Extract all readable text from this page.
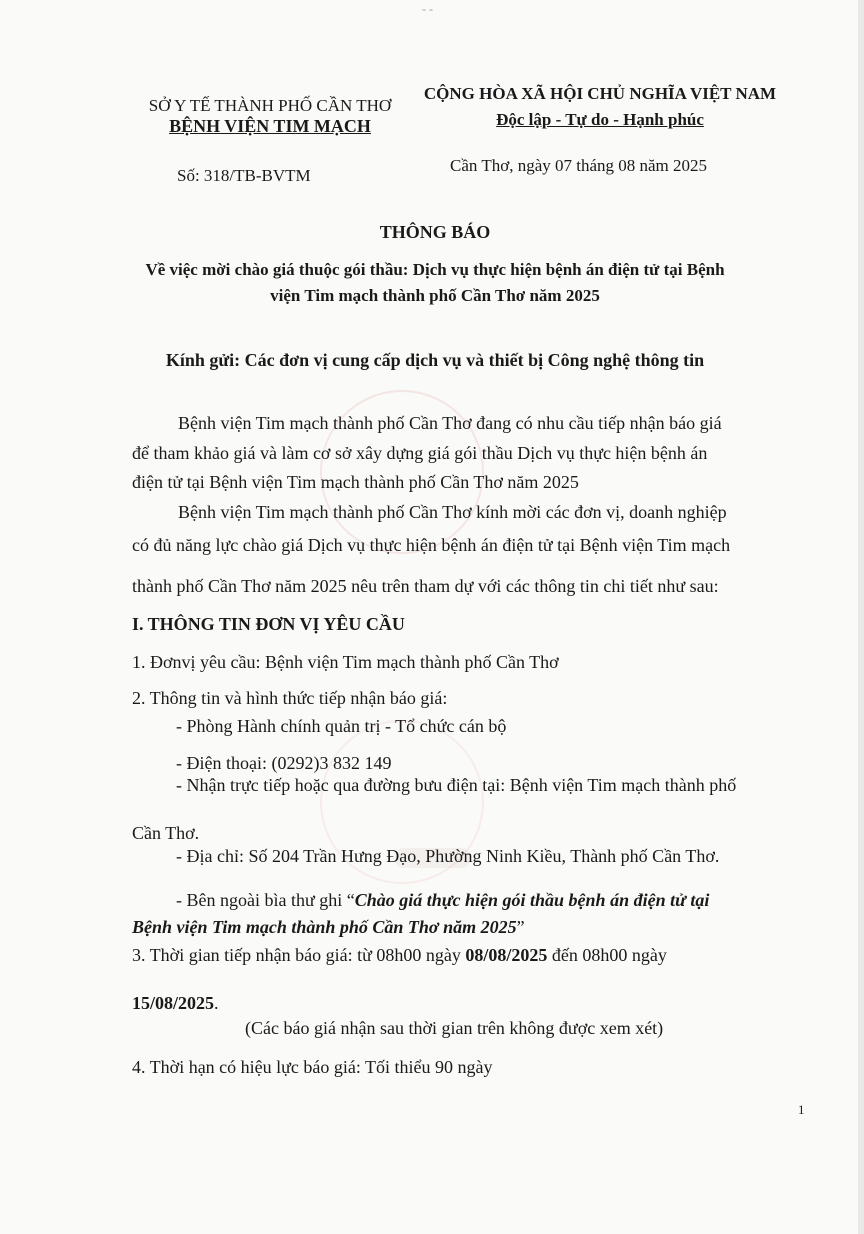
- -
SỞ Y TẾ THÀNH PHỐ CẦN THƠ
BỆNH VIỆN TIM MẠCH
CỘNG HÒA XÃ HỘI CHỦ NGHĨA VIỆT NAM
Độc lập - Tự do - Hạnh phúc
Số: 318/TB-BVTM
Cần Thơ, ngày 07 tháng 08 năm 2025
THÔNG BÁO
Về việc mời chào giá thuộc gói thầu: Dịch vụ thực hiện bệnh án điện tử tại Bệnh
viện Tim mạch thành phố Cần Thơ năm 2025
Kính gửi: Các đơn vị cung cấp dịch vụ và thiết bị Công nghệ thông tin
Bệnh viện Tim mạch thành phố Cần Thơ đang có nhu cầu tiếp nhận báo giá
để tham khảo giá và làm cơ sở xây dựng giá gói thầu Dịch vụ thực hiện bệnh án
điện tử tại Bệnh viện Tim mạch thành phố Cần Thơ năm 2025
Bệnh viện Tim mạch thành phố Cần Thơ kính mời các đơn vị, doanh nghiệp
có đủ năng lực chào giá Dịch vụ thực hiện bệnh án điện tử tại Bệnh viện Tim mạch
thành phố Cần Thơ năm 2025 nêu trên tham dự với các thông tin chi tiết như sau:
I. THÔNG TIN ĐƠN VỊ YÊU CẦU
1. Đơnvị yêu cầu: Bệnh viện Tim mạch thành phố Cần Thơ
2. Thông tin và hình thức tiếp nhận báo giá:
- Phòng Hành chính quản trị - Tổ chức cán bộ
- Điện thoại: (0292)3 832 149
- Nhận trực tiếp hoặc qua đường bưu điện tại: Bệnh viện Tim mạch thành phố
Cần Thơ.
- Địa chỉ: Số 204 Trần Hưng Đạo, Phường Ninh Kiều, Thành phố Cần Thơ.
- Bên ngoài bìa thư ghi “Chào giá thực hiện gói thầu bệnh án điện tử tại
Bệnh viện Tim mạch thành phố Cần Thơ năm 2025”
3. Thời gian tiếp nhận báo giá: từ 08h00 ngày 08/08/2025 đến 08h00 ngày
15/08/2025.
(Các báo giá nhận sau thời gian trên không được xem xét)
4. Thời hạn có hiệu lực báo giá: Tối thiểu 90 ngày
1
